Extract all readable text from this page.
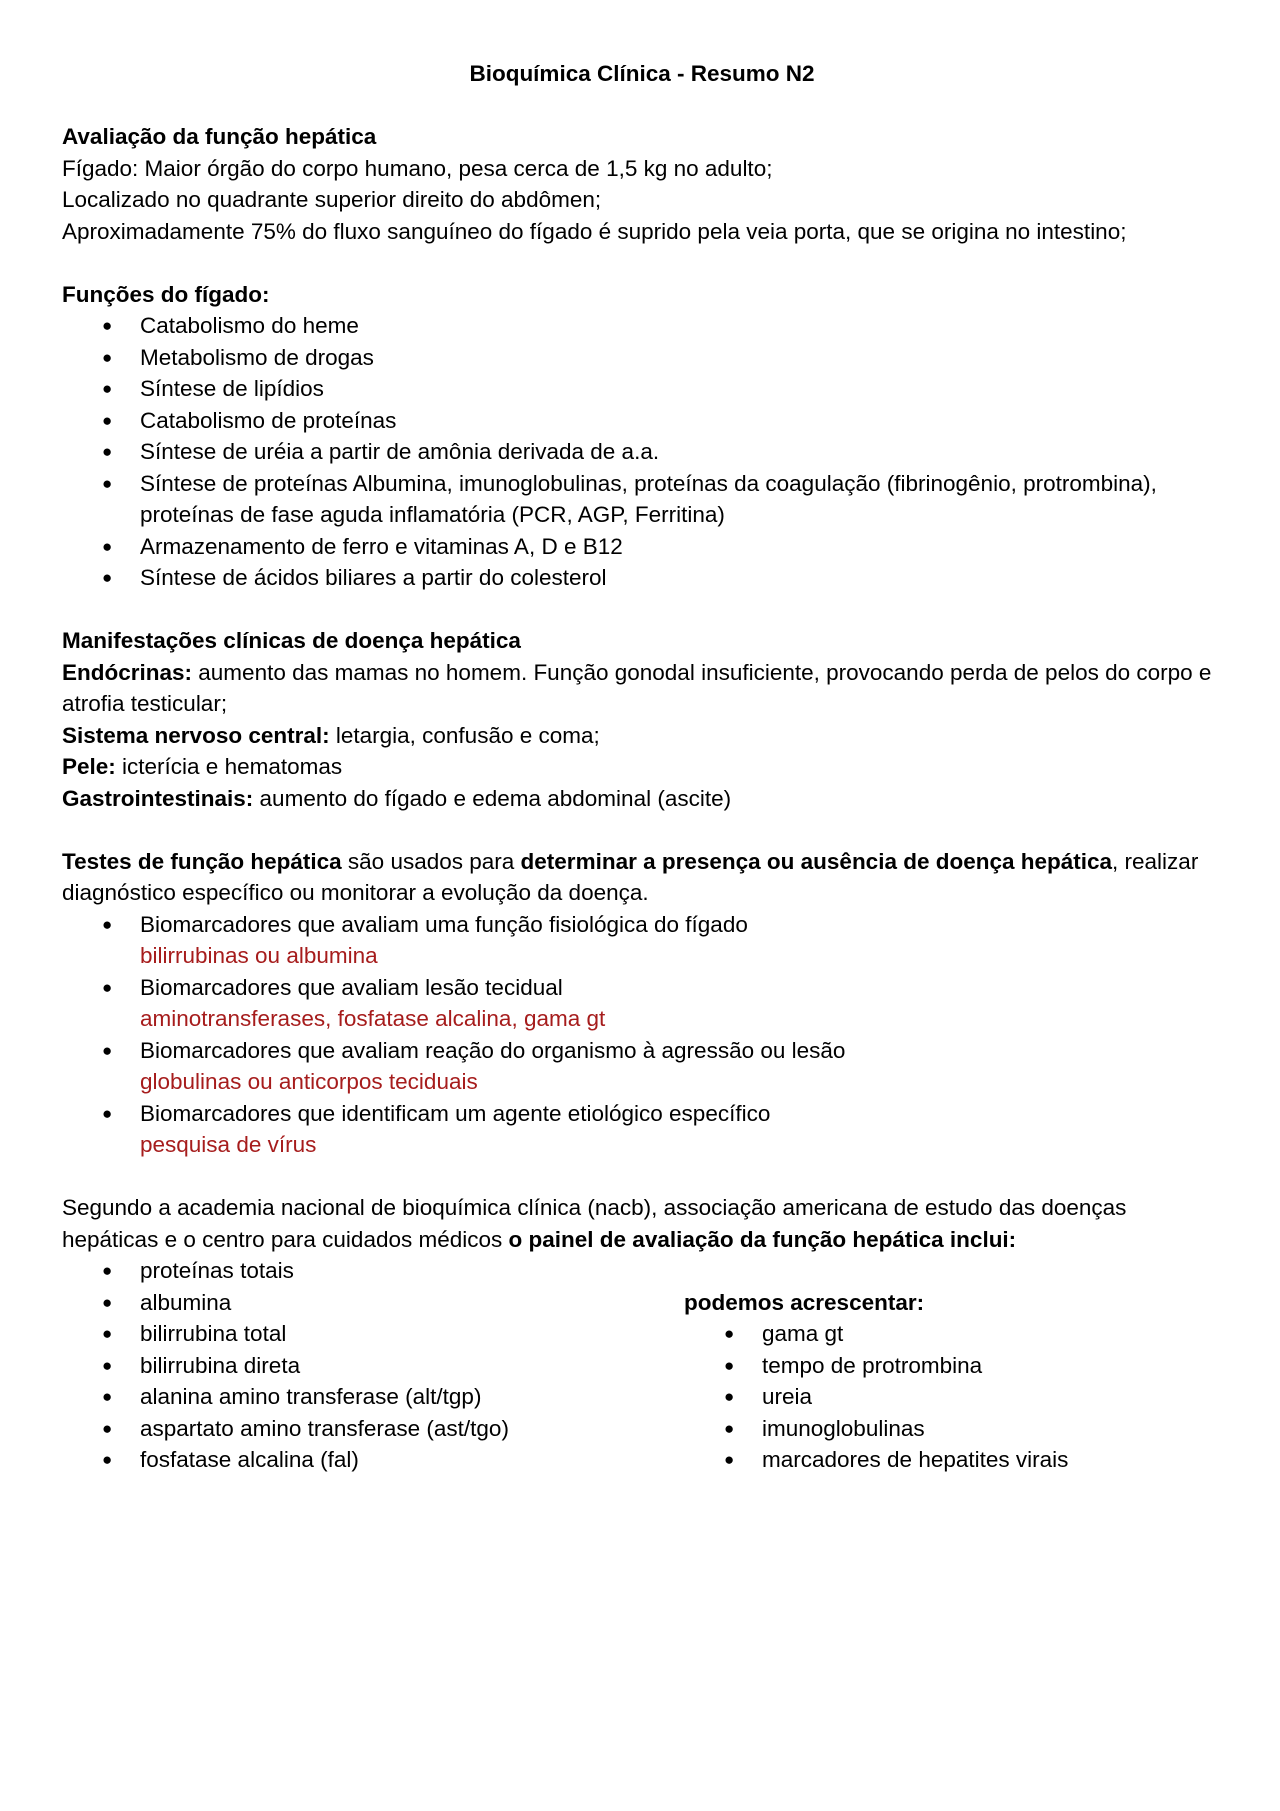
Bioquímica Clínica - Resumo N2
Avaliação da função hepática
Fígado: Maior órgão do corpo humano, pesa cerca de 1,5 kg no adulto;
Localizado no quadrante superior direito do abdômen;
Aproximadamente 75% do fluxo sanguíneo do fígado é suprido pela veia porta, que se origina no intestino;
Funções do fígado:
● Catabolismo do heme
● Metabolismo de drogas
● Síntese de lipídios
● Catabolismo de proteínas
● Síntese de uréia a partir de amônia derivada de a.a.
● Síntese de proteínas Albumina, imunoglobulinas, proteínas da coagulação (fibrinogênio, protrombina), proteínas de fase aguda inflamatória (PCR, AGP, Ferritina)
● Armazenamento de ferro e vitaminas A, D e B12
● Síntese de ácidos biliares a partir do colesterol
Manifestações clínicas de doença hepática
Endócrinas: aumento das mamas no homem. Função gonodal insuficiente, provocando perda de pelos do corpo e atrofia testicular;
Sistema nervoso central: letargia, confusão e coma;
Pele: icterícia e hematomas
Gastrointestinais: aumento do fígado e edema abdominal (ascite)
Testes de função hepática são usados para determinar a presença ou ausência de doença hepática, realizar diagnóstico específico ou monitorar a evolução da doença.
● Biomarcadores que avaliam uma função fisiológica do fígado
bilirrubinas ou albumina
● Biomarcadores que avaliam lesão tecidual
aminotransferases, fosfatase alcalina, gama gt
● Biomarcadores que avaliam reação do organismo à agressão ou lesão
globulinas ou anticorpos teciduais
● Biomarcadores que identificam um agente etiológico específico
pesquisa de vírus
Segundo a academia nacional de bioquímica clínica (nacb), associação americana de estudo das doenças hepáticas e o centro para cuidados médicos o painel de avaliação da função hepática inclui:
● proteínas totais
● albumina
● bilirrubina total
● bilirrubina direta
● alanina amino transferase (alt/tgp)
● aspartato amino transferase (ast/tgo)
● fosfatase alcalina (fal)
podemos acrescentar:
● gama gt
● tempo de protrombina
● ureia
● imunoglobulinas
● marcadores de hepatites virais
